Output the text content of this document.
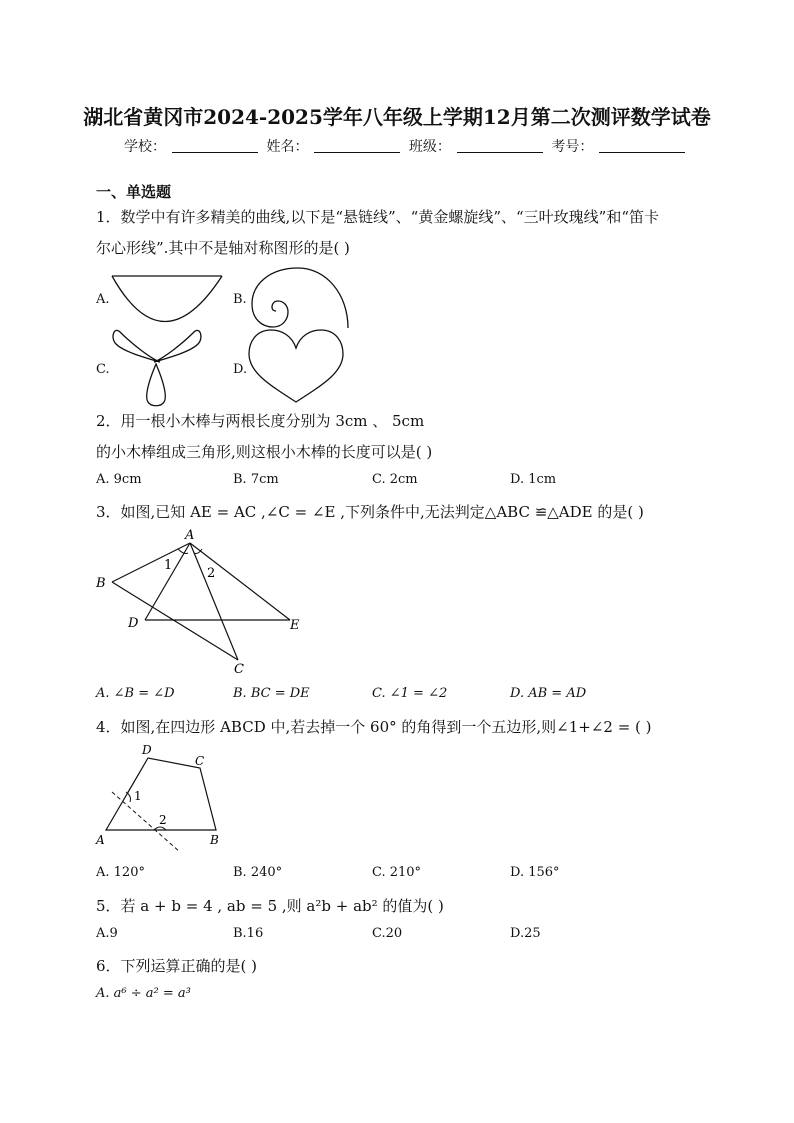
湖北省黄冈市2024-2025学年八年级上学期12月第二次测评数学试卷
学校：	姓名：	班级：	考号：
一、单选题
1．数学中有许多精美的曲线,以下是“悬链线”、“黄金螺旋线”、“三叶玫瑰线”和“笛卡
尔心形线”.其中不是轴对称图形的是( )
A.	B.
C.	D.
2．用一根小木棒与两根长度分别为 3cm 、 5cm
的小木棒组成三角形,则这根小木棒的长度可以是( )
A. 9cm	B. 7cm	C. 2cm	D. 1cm
3．如图,已知 AE = AC ,∠C = ∠E ,下列条件中,无法判定△ABC ≌△ADE 的是( )
A
B
C
D	E
1
2
A. ∠B = ∠D	B. BC = DE	C. ∠1 = ∠2	D. AB = AD
4．如图,在四边形 ABCD 中,若去掉一个 60° 的角得到一个五边形,则∠1+∠2 = ( )
A	B
C
D
1
2
A. 120°	B. 240°	C. 210°	D. 156°
5．若 a + b = 4 , ab = 5 ,则 a²b + ab² 的值为( )
A.9	B.16	C.20	D.25
6．下列运算正确的是( )
A. a⁶ ÷ a² = a³
